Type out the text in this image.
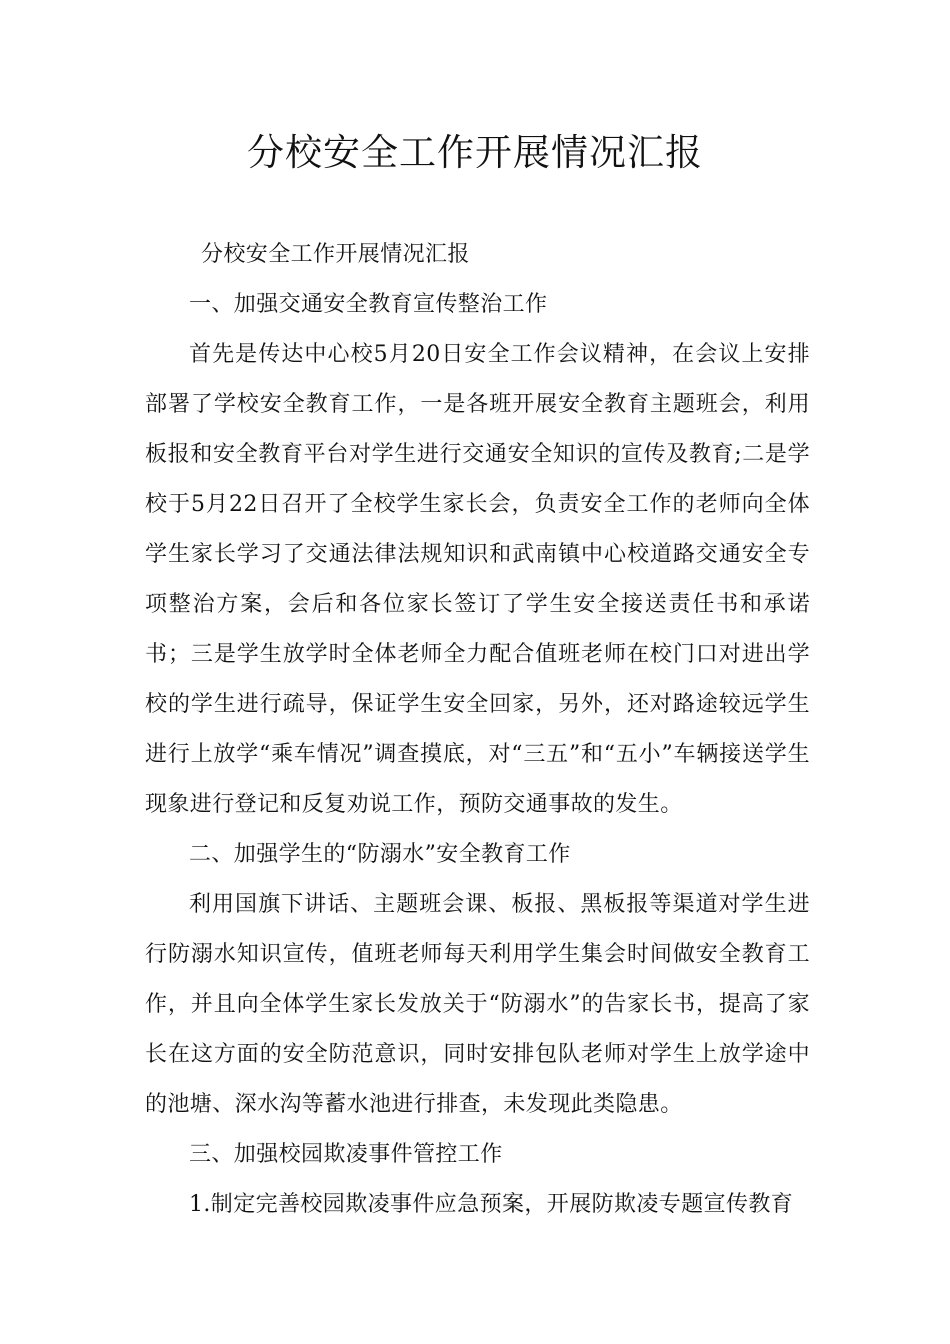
分校安全工作开展情况汇报

分校安全工作开展情况汇报

一、加强交通安全教育宣传整治工作

首先是传达中心校5月20日安全工作会议精神，在会议上安排部署了学校安全教育工作，一是各班开展安全教育主题班会，利用板报和安全教育平台对学生进行交通安全知识的宣传及教育;二是学校于5月22日召开了全校学生家长会，负责安全工作的老师向全体学生家长学习了交通法律法规知识和武南镇中心校道路交通安全专项整治方案，会后和各位家长签订了学生安全接送责任书和承诺书；三是学生放学时全体老师全力配合值班老师在校门口对进出学校的学生进行疏导，保证学生安全回家，另外，还对路途较远学生进行上放学“乘车情况”调查摸底，对“三五”和“五小”车辆接送学生现象进行登记和反复劝说工作，预防交通事故的发生。

二、加强学生的“防溺水”安全教育工作

利用国旗下讲话、主题班会课、板报、黑板报等渠道对学生进行防溺水知识宣传，值班老师每天利用学生集会时间做安全教育工作，并且向全体学生家长发放关于“防溺水”的告家长书，提高了家长在这方面的安全防范意识，同时安排包队老师对学生上放学途中的池塘、深水沟等蓄水池进行排查，未发现此类隐患。

三、加强校园欺凌事件管控工作

1.制定完善校园欺凌事件应急预案，开展防欺凌专题宣传教育
